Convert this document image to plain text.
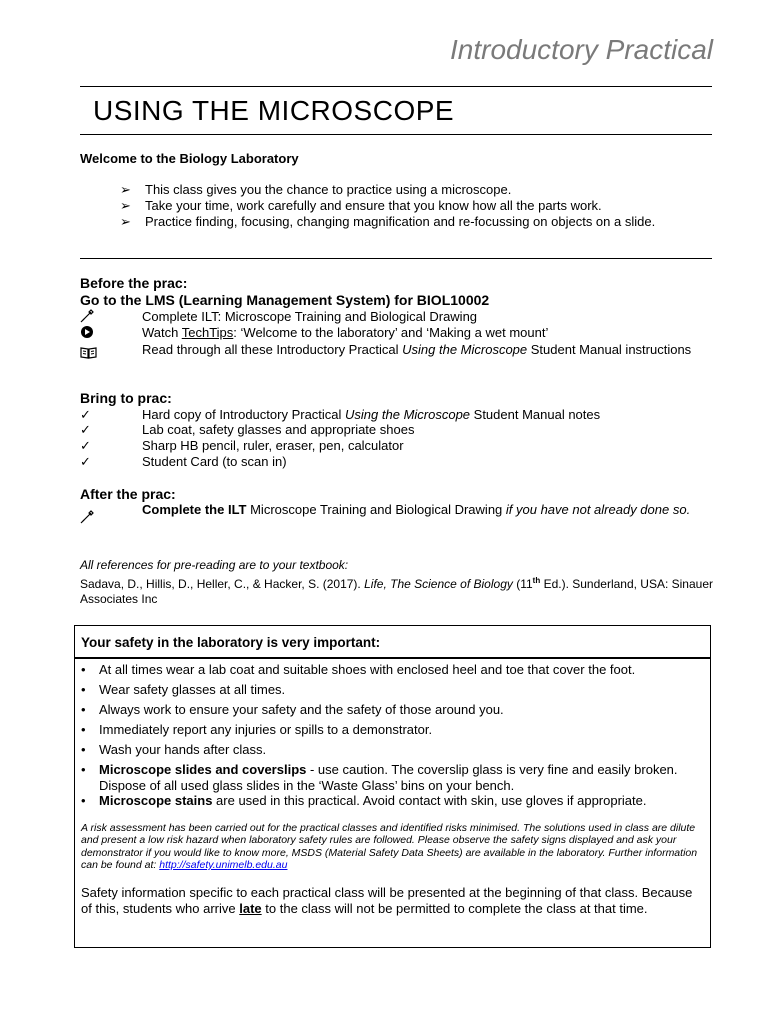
Introductory Practical
USING THE MICROSCOPE
Welcome to the Biology Laboratory
➢	This class gives you the chance to practice using a microscope.
➢	Take your time, work carefully and ensure that you know how all the parts work.
➢	Practice finding, focusing, changing magnification and re-focussing on objects on a slide.
Before the prac:
Go to the LMS (Learning Management System) for BIOL10002
Complete ILT: Microscope Training and Biological Drawing
Watch TechTips: ‘Welcome to the laboratory’ and ‘Making a wet mount’
Read through all these Introductory Practical Using the Microscope Student Manual instructions
Bring to prac:
✓	Hard copy of Introductory Practical Using the Microscope Student Manual notes
✓	Lab coat, safety glasses and appropriate shoes
✓	Sharp HB pencil, ruler, eraser, pen, calculator
✓	Student Card (to scan in)
After the prac:
Complete the ILT Microscope Training and Biological Drawing if you have not already done so.
All references for pre-reading are to your textbook:
Sadava, D., Hillis, D., Heller, C., & Hacker, S. (2017). Life, The Science of Biology (11th Ed.). Sunderland, USA: Sinauer Associates Inc
Your safety in the laboratory is very important:
•	At all times wear a lab coat and suitable shoes with enclosed heel and toe that cover the foot.
•	Wear safety glasses at all times.
•	Always work to ensure your safety and the safety of those around you.
•	Immediately report any injuries or spills to a demonstrator.
•	Wash your hands after class.
•	Microscope slides and coverslips - use caution. The coverslip glass is very fine and easily broken. Dispose of all used glass slides in the ‘Waste Glass’ bins on your bench.
•	Microscope stains are used in this practical. Avoid contact with skin, use gloves if appropriate.
A risk assessment has been carried out for the practical classes and identified risks minimised. The solutions used in class are dilute and present a low risk hazard when laboratory safety rules are followed. Please observe the safety signs displayed and ask your demonstrator if you would like to know more, MSDS (Material Safety Data Sheets) are available in the laboratory. Further information can be found at: http://safety.unimelb.edu.au
Safety information specific to each practical class will be presented at the beginning of that class. Because of this, students who arrive late to the class will not be permitted to complete the class at that time.
